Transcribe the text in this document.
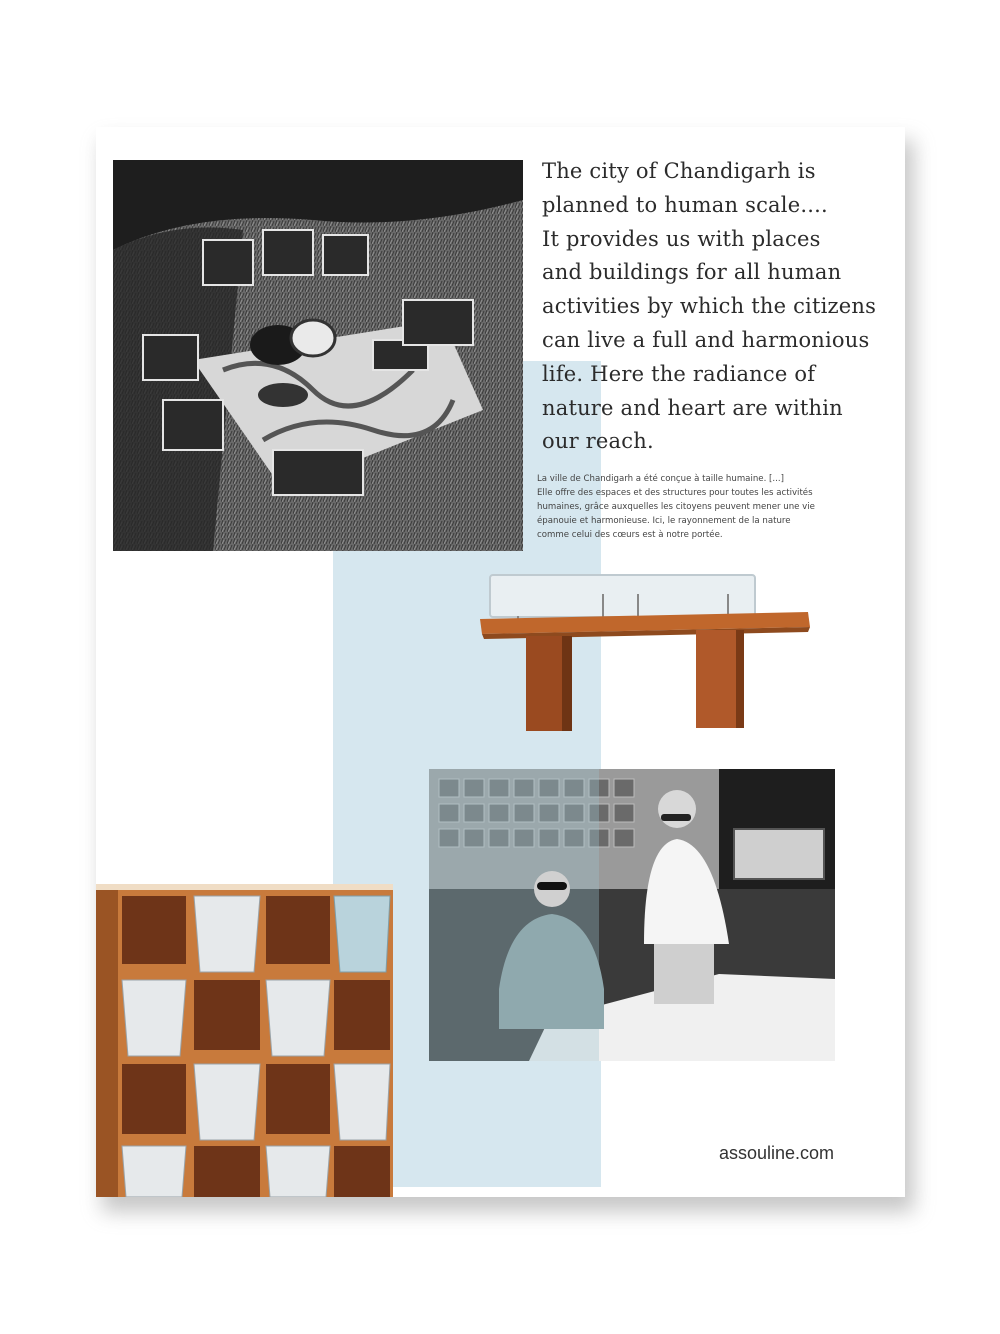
The city of Chandigarh is
planned to human scale....
It provides us with places
and buildings for all human
activities by which the citizens
can live a full and harmonious
life. Here the radiance of
nature and heart are within
our reach.

La ville de Chandigarh a été conçue à taille humaine. [...]
Elle offre des espaces et des structures pour toutes les activités
humaines, grâce auxquelles les citoyens peuvent mener une vie
épanouie et harmonieuse. Ici, le rayonnement de la nature
comme celui des cœurs est à notre portée.

assouline.com
